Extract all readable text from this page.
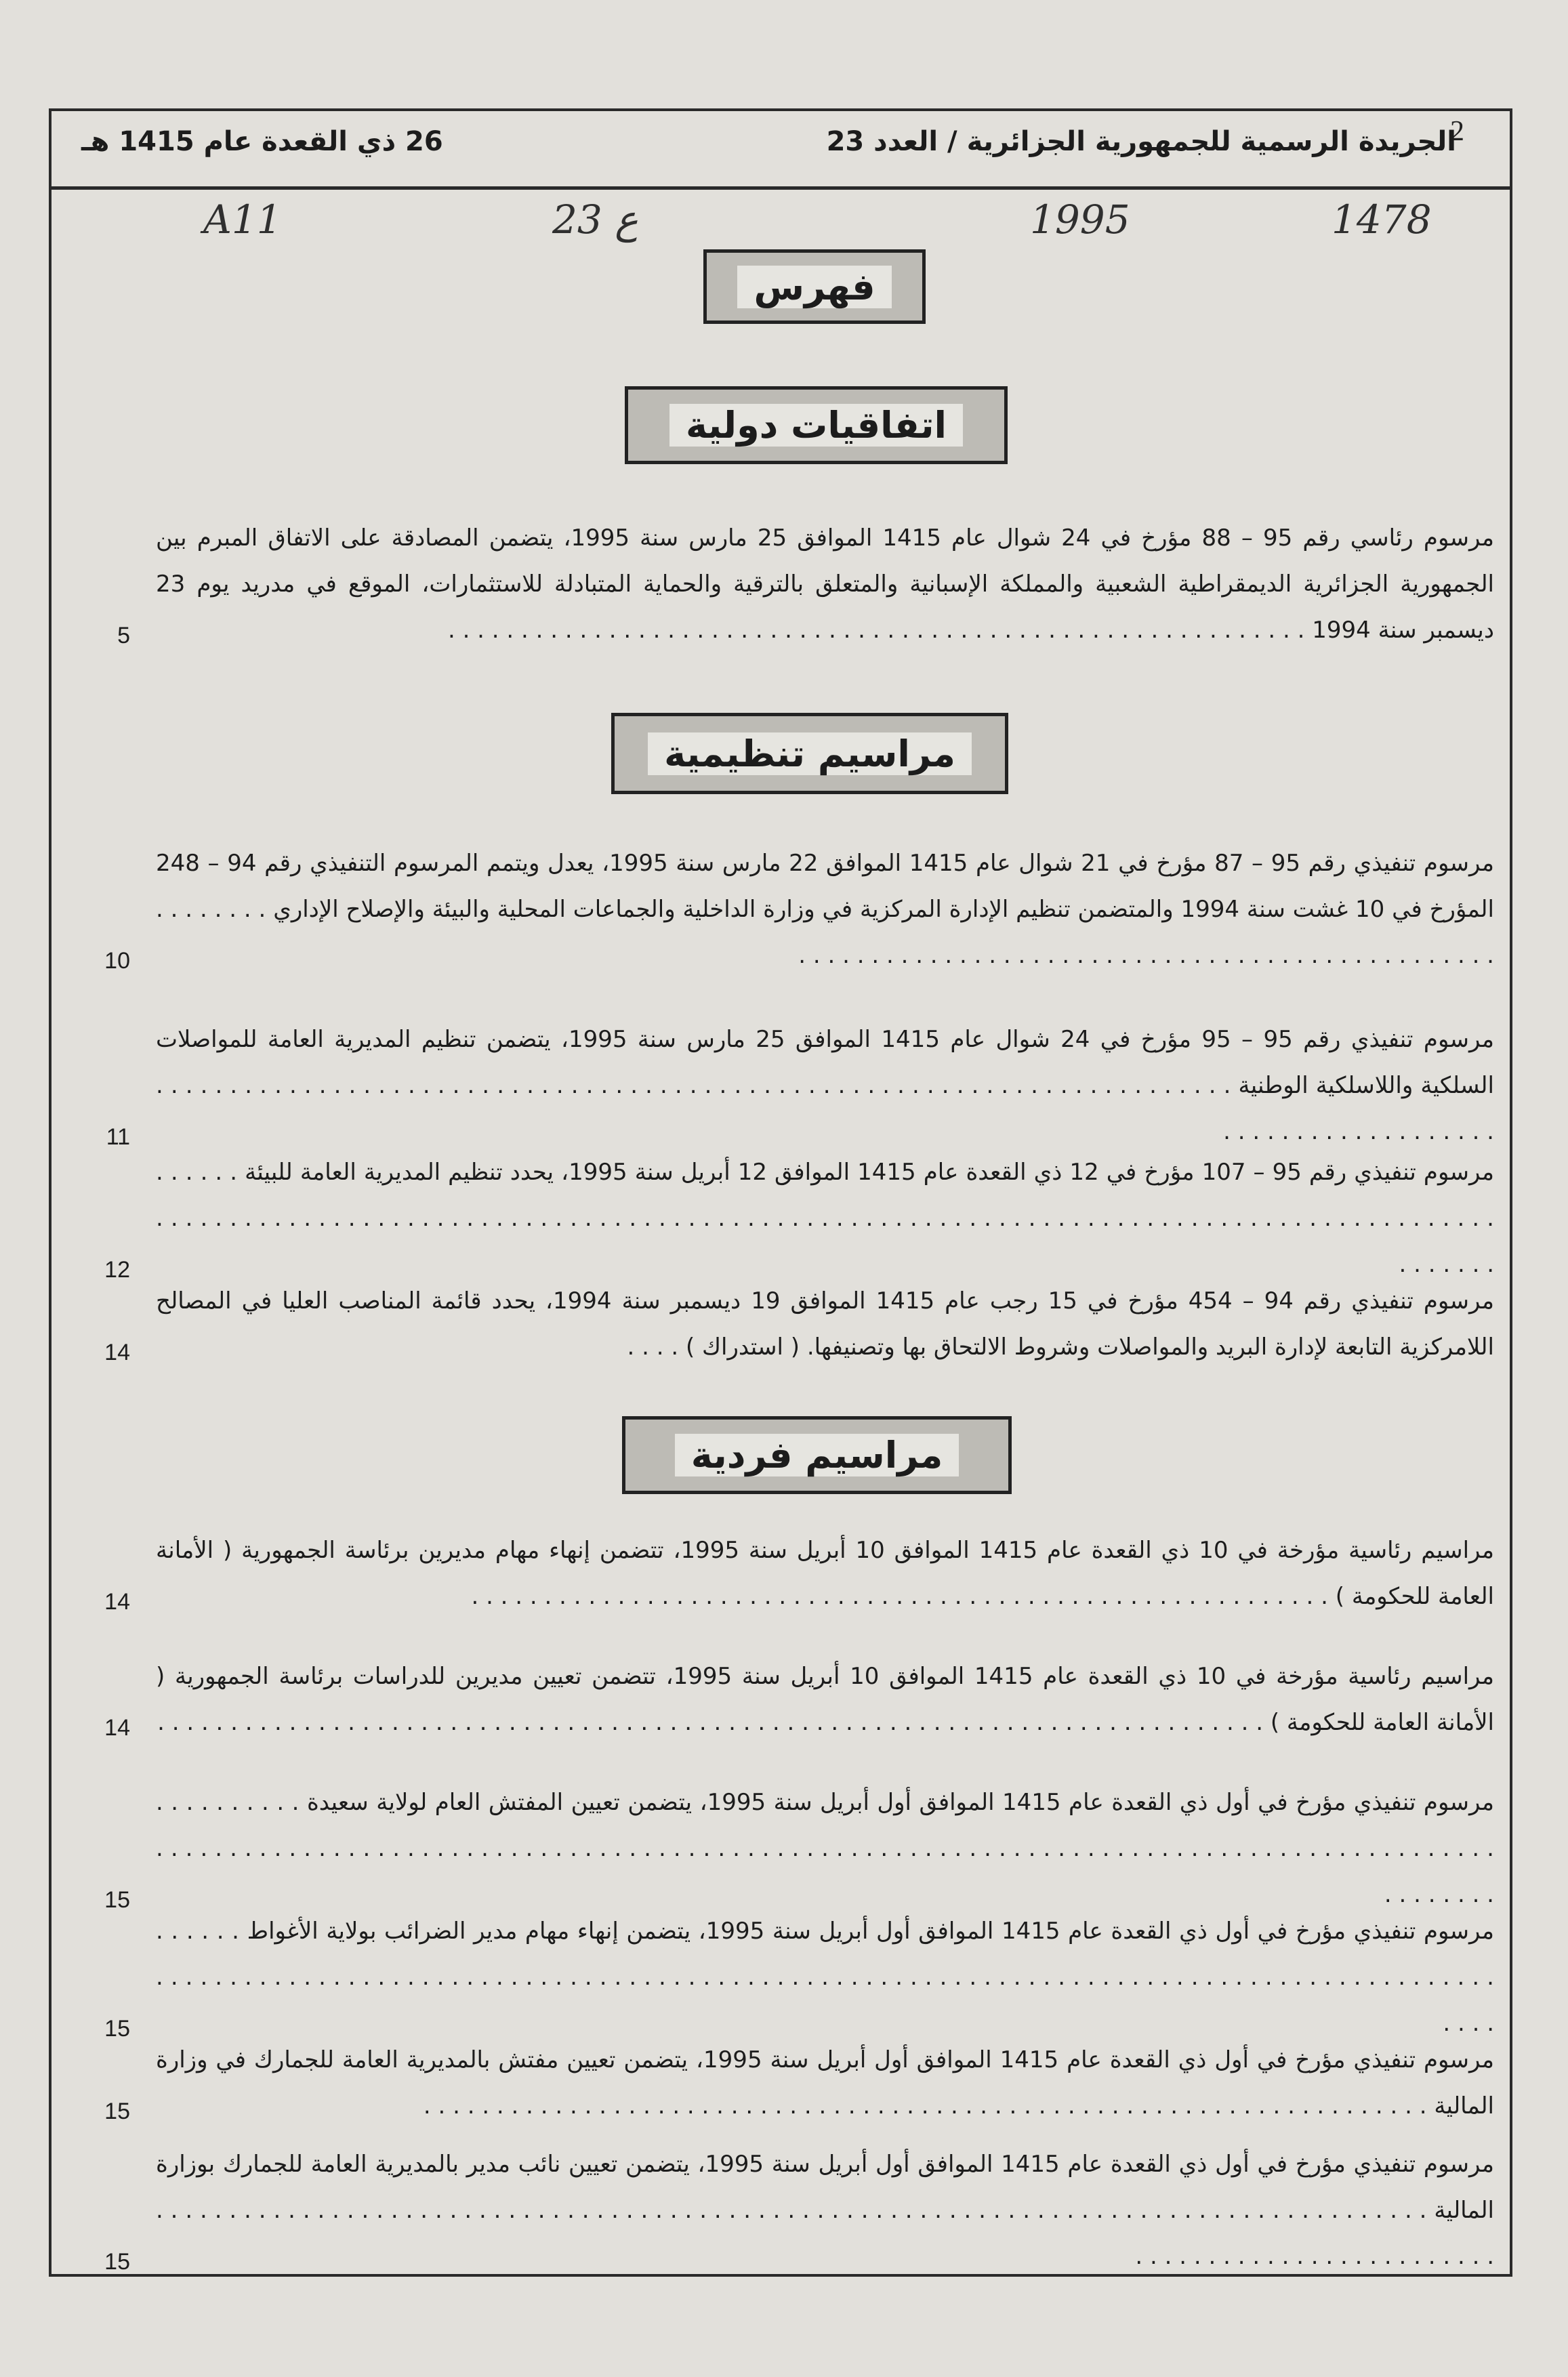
2
الجريدة الرسمية للجمهورية الجزائرية / العدد 23
26 ذي القعدة عام 1415 هـ
1478
1995
23 ع
A11
فهرس
اتفاقيات دولية
مرسوم رئاسي رقم 95 – 88 مؤرخ في 24 شوال عام 1415 الموافق 25 مارس سنة 1995، يتضمن المصادقة على الاتفاق المبرم بين الجمهورية الجزائرية الديمقراطية الشعبية والمملكة الإسبانية والمتعلق بالترقية والحماية المتبادلة للاستثمارات، الموقع في مدريد يوم 23 ديسمبر سنة 1994 . . . . . . . . . . . . . . . . . . . . . . . . . . . . . . . . . . . . . . . . . . . . . . . . . . . . . . . . . . .
5
مراسيم تنظيمية
مرسوم تنفيذي رقم 95 – 87 مؤرخ في 21 شوال عام 1415 الموافق 22 مارس سنة 1995، يعدل ويتمم المرسوم التنفيذي رقم 94 – 248 المؤرخ في 10 غشت سنة 1994 والمتضمن تنظيم الإدارة المركزية في وزارة الداخلية والجماعات المحلية والبيئة والإصلاح الإداري . . . . . . . . . . . . . . . . . . . . . . . . . . . . . . . . . . . . . . . . . . . . . . . . . . . . . . . .
10
مرسوم تنفيذي رقم 95 – 95 مؤرخ في 24 شوال عام 1415 الموافق 25 مارس سنة 1995، يتضمن تنظيم المديرية العامة للمواصلات السلكية واللاسلكية الوطنية . . . . . . . . . . . . . . . . . . . . . . . . . . . . . . . . . . . . . . . . . . . . . . . . . . . . . . . . . . . . . . . . . . . . . . . . . . . . . . . . . . . . . . . . . . . .
11
مرسوم تنفيذي رقم 95 – 107 مؤرخ في 12 ذي القعدة عام 1415 الموافق 12 أبريل سنة 1995، يحدد تنظيم المديرية العامة للبيئة . . . . . . . . . . . . . . . . . . . . . . . . . . . . . . . . . . . . . . . . . . . . . . . . . . . . . . . . . . . . . . . . . . . . . . . . . . . . . . . . . . . . . . . . . . . . . . . . . . . . . . . .
12
مرسوم تنفيذي رقم 94 – 454 مؤرخ في 15 رجب عام 1415 الموافق 19 ديسمبر سنة 1994، يحدد قائمة المناصب العليا في المصالح اللامركزية التابعة لإدارة البريد والمواصلات وشروط الالتحاق بها وتصنيفها. ( استدراك ) . . . .
14
مراسيم فردية
مراسيم رئاسية مؤرخة في 10 ذي القعدة عام 1415 الموافق 10 أبريل سنة 1995، تتضمن إنهاء مهام مديرين برئاسة الجمهورية ( الأمانة العامة للحكومة ) . . . . . . . . . . . . . . . . . . . . . . . . . . . . . . . . . . . . . . . . . . . . . . . . . . . . . . . . . . .
14
مراسيم رئاسية مؤرخة في 10 ذي القعدة عام 1415 الموافق 10 أبريل سنة 1995، تتضمن تعيين مديرين للدراسات برئاسة الجمهورية ( الأمانة العامة للحكومة ) . . . . . . . . . . . . . . . . . . . . . . . . . . . . . . . . . . . . . . . . . . . . . . . . . . . . . . . . . . . . . . . . . . . . . . . . . . . .
14
مرسوم تنفيذي مؤرخ في أول ذي القعدة عام 1415 الموافق أول أبريل سنة 1995، يتضمن تعيين المفتش العام لولاية سعيدة . . . . . . . . . . . . . . . . . . . . . . . . . . . . . . . . . . . . . . . . . . . . . . . . . . . . . . . . . . . . . . . . . . . . . . . . . . . . . . . . . . . . . . . . . . . . . . . . . . . . . . . . . . . . .
15
مرسوم تنفيذي مؤرخ في أول ذي القعدة عام 1415 الموافق أول أبريل سنة 1995، يتضمن إنهاء مهام مدير الضرائب بولاية الأغواط . . . . . . . . . . . . . . . . . . . . . . . . . . . . . . . . . . . . . . . . . . . . . . . . . . . . . . . . . . . . . . . . . . . . . . . . . . . . . . . . . . . . . . . . . . . . . . . . . . . . .
15
مرسوم تنفيذي مؤرخ في أول ذي القعدة عام 1415 الموافق أول أبريل سنة 1995، يتضمن تعيين مفتش بالمديرية العامة للجمارك في وزارة المالية . . . . . . . . . . . . . . . . . . . . . . . . . . . . . . . . . . . . . . . . . . . . . . . . . . . . . . . . . . . . . . . . . . . . .
15
مرسوم تنفيذي مؤرخ في أول ذي القعدة عام 1415 الموافق أول أبريل سنة 1995، يتضمن تعيين نائب مدير بالمديرية العامة للجمارك بوزارة المالية . . . . . . . . . . . . . . . . . . . . . . . . . . . . . . . . . . . . . . . . . . . . . . . . . . . . . . . . . . . . . . . . . . . . . . . . . . . . . . . . . . . . . . . . . . . . . . . . . . . . . . . . . . . . . . . .
15
